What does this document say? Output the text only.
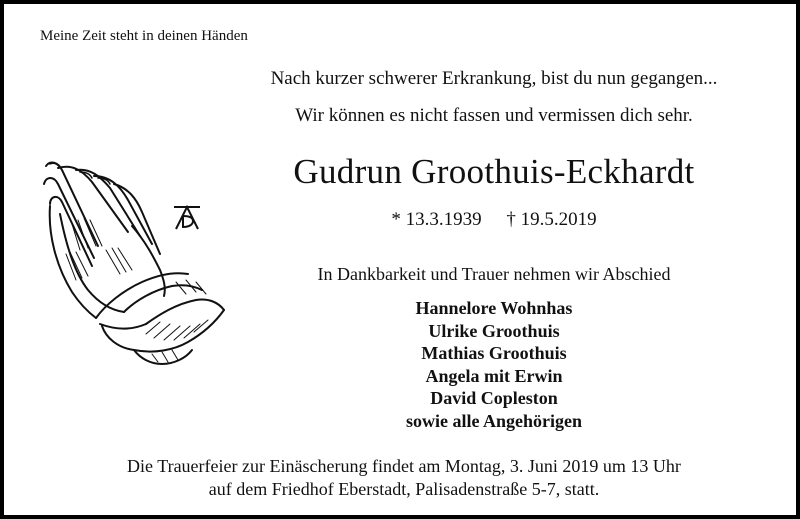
Meine Zeit steht in deinen Händen
Nach kurzer schwerer Erkrankung, bist du nun gegangen...
Wir können es nicht fassen und vermissen dich sehr.
Gudrun Groothuis-Eckhardt
* 13.3.1939 † 19.5.2019
In Dankbarkeit und Trauer nehmen wir Abschied
Hannelore Wohnhas
Ulrike Groothuis
Mathias Groothuis
Angela mit Erwin
David Copleston
sowie alle Angehörigen
Die Trauerfeier zur Einäscherung findet am Montag, 3. Juni 2019 um 13 Uhr
auf dem Friedhof Eberstadt, Palisadenstraße 5-7, statt.
